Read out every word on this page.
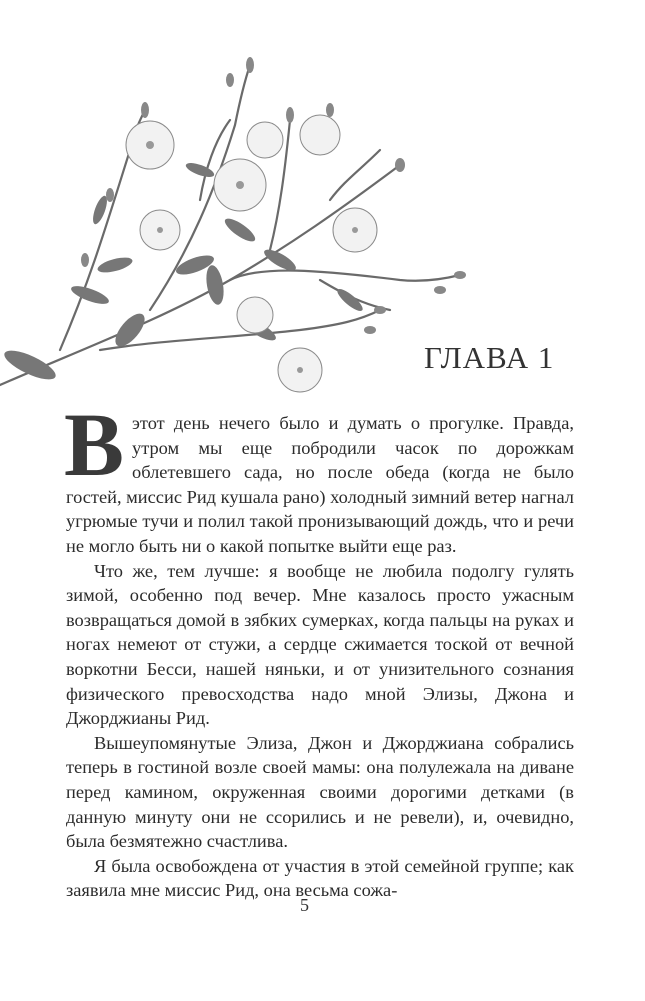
ГЛАВА 1

В этот день нечего было и думать о прогулке. Правда, утром мы еще побродили часок по дорожкам облетевшего сада, но после обеда (когда не было гостей, миссис Рид кушала рано) холодный зимний ветер нагнал угрюмые тучи и полил такой пронизывающий дождь, что и речи не могло быть ни о какой попытке выйти еще раз.

Что же, тем лучше: я вообще не любила подолгу гулять зимой, особенно под вечер. Мне казалось просто ужасным возвращаться домой в зябких сумерках, когда пальцы на руках и ногах немеют от стужи, а сердце сжимается тоской от вечной воркотни Бесси, нашей няньки, и от унизительного сознания физического превосходства надо мной Элизы, Джона и Джорджианы Рид.

Вышеупомянутые Элиза, Джон и Джорджиана собрались теперь в гостиной возле своей мамы: она полулежала на диване перед камином, окруженная своими дорогими детками (в данную минуту они не ссорились и не ревели), и, очевидно, была безмятежно счастлива.

Я была освобождена от участия в этой семейной группе; как заявила мне миссис Рид, она весьма сожа-

5
